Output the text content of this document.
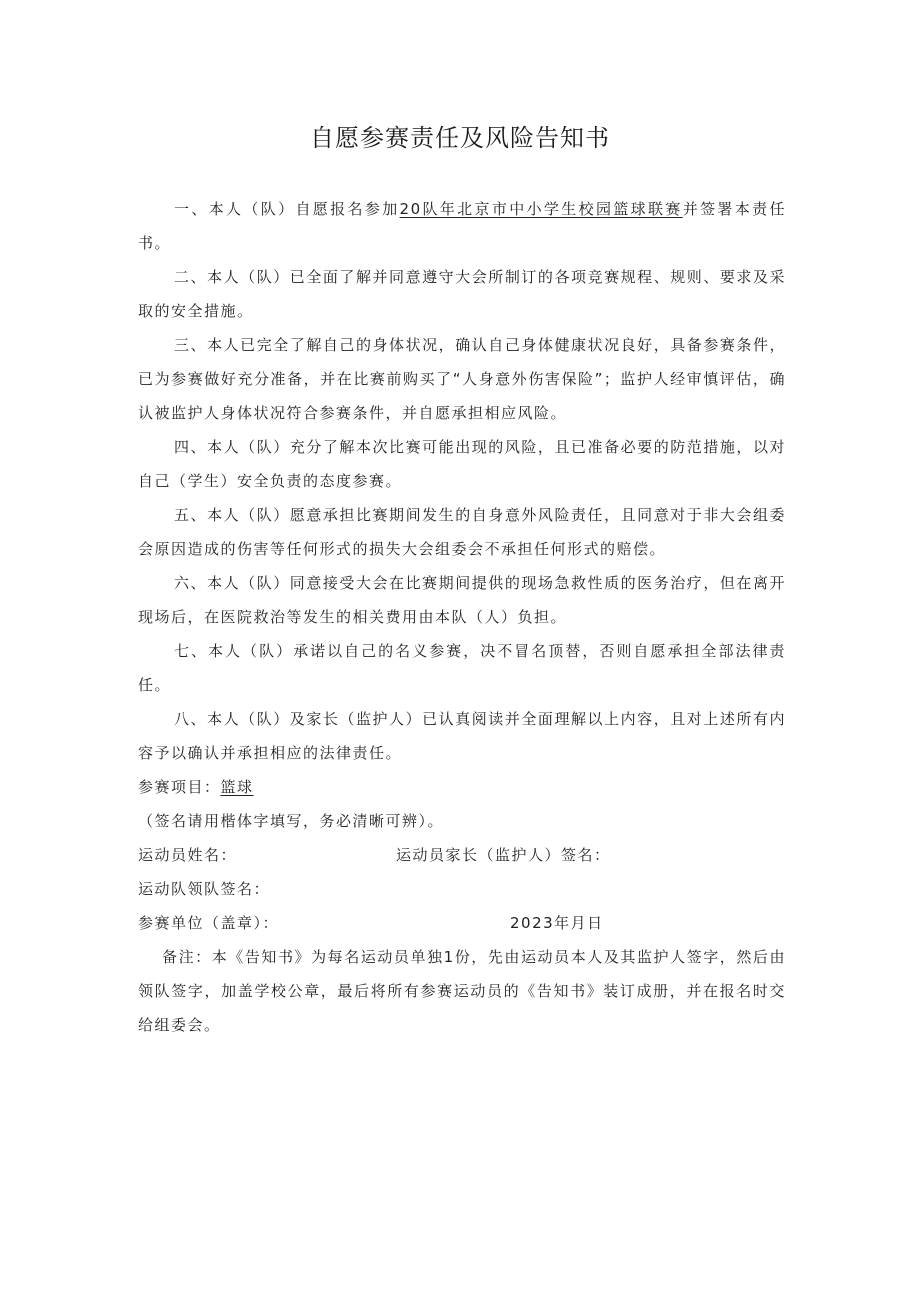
自愿参赛责任及风险告知书

一、本人（队）自愿报名参加20队年北京市中小学生校园篮球联赛并签署本责任书。

二、本人（队）已全面了解并同意遵守大会所制订的各项竞赛规程、规则、要求及采取的安全措施。

三、本人已完全了解自己的身体状况，确认自己身体健康状况良好，具备参赛条件，已为参赛做好充分准备，并在比赛前购买了“人身意外伤害保险”；监护人经审慎评估，确认被监护人身体状况符合参赛条件，并自愿承担相应风险。

四、本人（队）充分了解本次比赛可能出现的风险，且已准备必要的防范措施，以对自己（学生）安全负责的态度参赛。

五、本人（队）愿意承担比赛期间发生的自身意外风险责任，且同意对于非大会组委会原因造成的伤害等任何形式的损失大会组委会不承担任何形式的赔偿。

六、本人（队）同意接受大会在比赛期间提供的现场急救性质的医务治疗，但在离开现场后，在医院救治等发生的相关费用由本队（人）负担。

七、本人（队）承诺以自己的名义参赛，决不冒名顶替，否则自愿承担全部法律责任。

八、本人（队）及家长（监护人）已认真阅读并全面理解以上内容，且对上述所有内容予以确认并承担相应的法律责任。

参赛项目：篮球

（签名请用楷体字填写，务必清晰可辨）。

运动员姓名：	运动员家长（监护人）签名：

运动队领队签名：

参赛单位（盖章）：	2023年月日

备注：本《告知书》为每名运动员单独1份，先由运动员本人及其监护人签字，然后由领队签字，加盖学校公章，最后将所有参赛运动员的《告知书》装订成册，并在报名时交给组委会。
